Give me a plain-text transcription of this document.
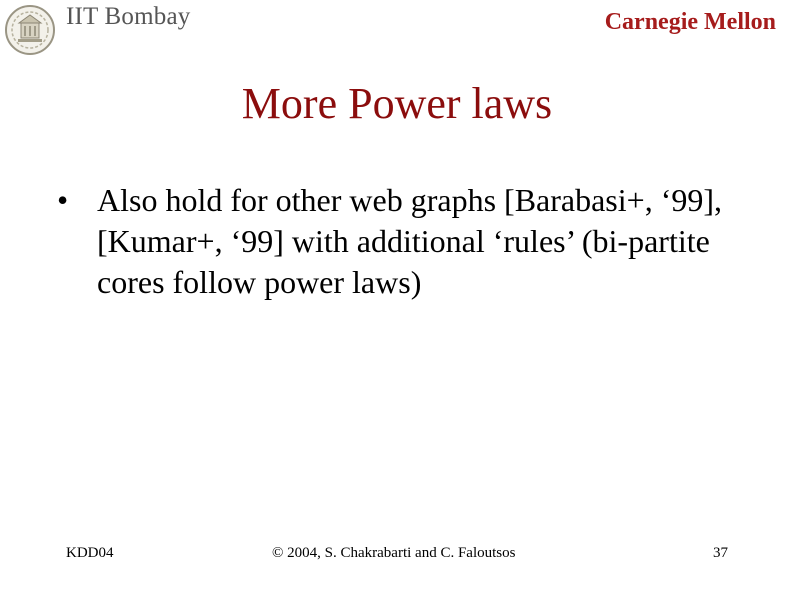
IIT Bombay	Carnegie Mellon
More Power laws
• Also hold for other web graphs [Barabasi+, ‘99], [Kumar+, ‘99] with additional ‘rules’ (bi-partite cores follow power laws)
KDD04	© 2004, S. Chakrabarti and C. Faloutsos	37
